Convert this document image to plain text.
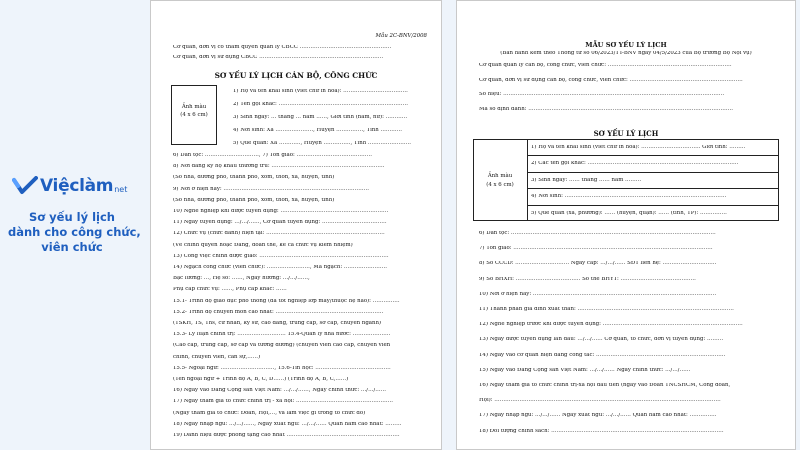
Việclàm net
Sơ yếu lý lịch
dành cho công chức,
viên chức
Mẫu 2C-BNV/2008
Cơ quan, đơn vị có thẩm quyền quản lý CBCC ……………………………………………
Cơ quan, đơn vị sử dụng CBCC ……………………………………………………………
SƠ YẾU LÝ LỊCH CÁN BỘ, CÔNG CHỨC
Ảnh màu
(4 x 6 cm)
1) Họ và tên khai sinh (viết chữ in hoa): ………………………………
2) Tên gọi khác: ………………………………………………………………
3) Sinh ngày: … tháng … năm ……, Giới tính (nam, nữ): …………
4) Nơi sinh: Xã …………………, Huyện ……………, Tỉnh …………
5) Quê quán: Xã …………, Huyện ……………, Tỉnh ……………………
6) Dân tộc: …………………………, 7) Tôn giáo: ……………………………………
8) Nơi đăng ký hộ khẩu thường trú: ………………………………………………………
(Số nhà, đường phố, thành phố, xóm, thôn, xã, huyện, tỉnh)
9) Nơi ở hiện nay: ………………………………………………………………………
(Số nhà, đường phố, thành phố, xóm, thôn, xã, huyện, tỉnh)
10) Nghề nghiệp khi được tuyển dụng: ……………………………………………………
11) Ngày tuyển dụng: …/…/……, Cơ quan tuyển dụng: ………………………………
12) Chức vụ (chức danh) hiện tại: …………………………………………………………
(Về chính quyền hoặc Đảng, đoàn thể, kể cả chức vụ kiêm nhiệm)
13) Công việc chính được giao: ………………………………………………………………
14) Ngạch công chức (viên chức): ……………………, Mã ngạch: ……………………
Bậc lương: …, Hệ số: ……, Ngày hưởng: …/…/……,
Phụ cấp chức vụ: ……, Phụ cấp khác: ……
15.1- Trình độ giáo dục phổ thông (đã tốt nghiệp lớp mấy/thuộc hệ nào): ……………
15.2- Trình độ chuyên môn cao nhất: ……………………………………………………
(TSKH, TS, Ths, cử nhân, kỹ sư, cao đẳng, trung cấp, sơ cấp, chuyên ngành)
15.3- Lý luận chính trị: ……………………… 15.4-Quản lý nhà nước: …………………
(Cao cấp, trung cấp, sơ cấp và tương đương) (chuyên viên cao cấp, chuyên viên
chính, chuyên viên, cán sự,……)
15.5- Ngoại ngữ: …………………………, 15.6-Tin học: ……………………………………
(Tên ngoại ngữ + Trình độ A, B, C, D……) (Trình độ A, B, C,……)
16) Ngày vào Đảng Cộng sản Việt Nam: …/…/……, Ngày chính thức: …/…/……
17) Ngày tham gia tổ chức chính trị - xã hội: ………………………………………………
(Ngày tham gia tổ chức: Đoàn, Hội,…, và làm việc gì trong tổ chức đó)
18) Ngày nhập ngũ: …/…/……, Ngày xuất ngũ: …/…/…… Quân hàm cao nhất: ………
19) Danh hiệu được phong tặng cao nhất ………………………………………………………
MẪU SƠ YẾU LÝ LỊCH
(Ban hành kèm theo Thông tư số 06/2023/TT-BNV ngày 04/5/2023 của Bộ trưởng Bộ Nội vụ)
SƠ YẾU LÝ LỊCH
Ảnh màu
(4 x 6 cm)
Cơ quan quản lý cán bộ, công chức, viên chức: ……………………………………………………………
Cơ quan, đơn vị sử dụng cán bộ, công chức, viên chức: ………………………………………………………
Số hiệu: ……………………………………………………………………………………………………………
Mã số định danh: ……………………………………………………………………………………………………
1) Họ và tên khai sinh (viết chữ in hoa): …………………………… Giới tính: ………
2) Các tên gọi khác: …………………………………………………………………………
3) Sinh ngày: …… tháng …… năm ………
4) Nơi sinh: ………………………………………………………………………………
5) Quê quán (xã, phường): …… (huyện, quận): …… (tỉnh, TP): ……………
6) Dân tộc: ……………………………………………………………………………………………………
7) Tôn giáo: …………………………………………………………………………………………………
8) Số CCCD: ………………………… Ngày cấp: …/…/…… SĐT liên hệ: …………………………
9) Số BHXH: ……………………………… Số thẻ BHYT: ……………………………………
10) Nơi ở hiện nay: …………………………………………………………………………………………
11) Thành phần gia đình xuất thân: ……………………………………………………………………………
12) Nghề nghiệp trước khi được tuyển dụng: ……………………………………………………………………
13) Ngày được tuyển dụng lần đầu: …/…/…… Cơ quan, tổ chức, đơn vị tuyển dụng: ………
14) Ngày vào cơ quan hiện đang công tác: ………………………………………………………………
15) Ngày vào Đảng Cộng sản Việt Nam: …/…/…… Ngày chính thức: …/…/……
16) Ngày tham gia tổ chức chính trị-xã hội đầu tiên (ngày vào Đoàn TNCSHCM, Công đoàn,
Hội): ………………………………………………………………………………………………………………
17) Ngày nhập ngũ: …/…/…… Ngày xuất ngũ: …/…/…… Quân hàm cao nhất: ……………
18) Đối tượng chính sách: ……………………………………………………………………………………
